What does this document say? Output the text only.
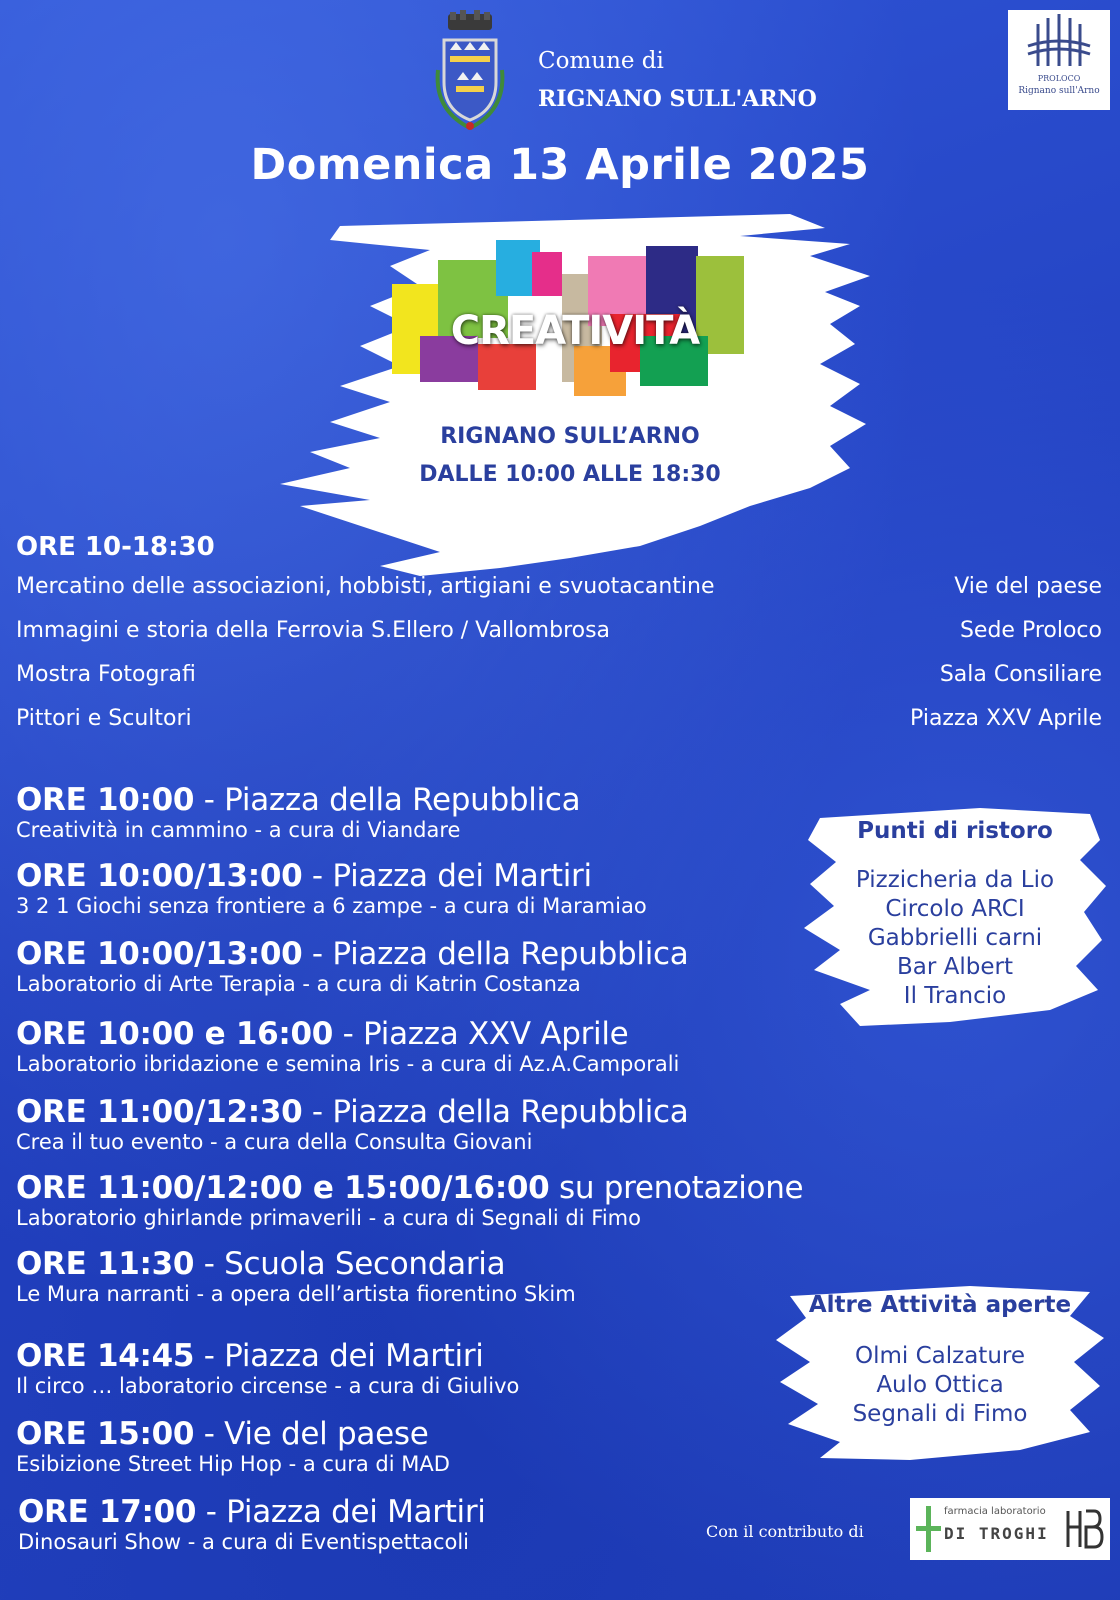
Comune di
RIGNANO SULL'ARNO
PROLOCO
Rignano sull'Arno
Domenica 13 Aprile 2025
CREATIVITÀ
RIGNANO SULL’ARNO
DALLE 10:00 ALLE 18:30
ORE 10-18:30
Mercatino delle associazioni, hobbisti, artigiani e svuotacantine	Vie del paese
Immagini e storia della Ferrovia S.Ellero / Vallombrosa	Sede Proloco
Mostra Fotografi	Sala Consiliare
Pittori e Scultori	Piazza XXV Aprile
Punti di ristoro
Pizzicheria da Lio
Circolo ARCI
Gabbrielli carni
Bar Albert
Il Trancio
Altre Attività aperte
Olmi Calzature
Aulo Ottica
Segnali di Fimo
ORE 10:00 - Piazza della Repubblica
Creatività in cammino - a cura di Viandare
ORE 10:00/13:00 - Piazza dei Martiri
3 2 1 Giochi senza frontiere a 6 zampe - a cura di Maramiao
ORE 10:00/13:00 - Piazza della Repubblica
Laboratorio di Arte Terapia - a cura di Katrin Costanza
ORE 10:00 e 16:00 - Piazza XXV Aprile
Laboratorio ibridazione e semina Iris - a cura di Az.A.Camporali
ORE 11:00/12:30 - Piazza della Repubblica
Crea il tuo evento - a cura della Consulta Giovani
ORE 11:00/12:00 e 15:00/16:00 su prenotazione
Laboratorio ghirlande primaverili - a cura di Segnali di Fimo
ORE 11:30 - Scuola Secondaria
Le Mura narranti - a opera dell’artista fiorentino Skim
ORE 14:45 - Piazza dei Martiri
Il circo … laboratorio circense - a cura di Giulivo
ORE 15:00 - Vie del paese
Esibizione Street Hip Hop - a cura di MAD
ORE 17:00 - Piazza dei Martiri
Dinosauri Show - a cura di Eventispettacoli	Con il contributo di
farmacia laboratorio
DI TROGHI
